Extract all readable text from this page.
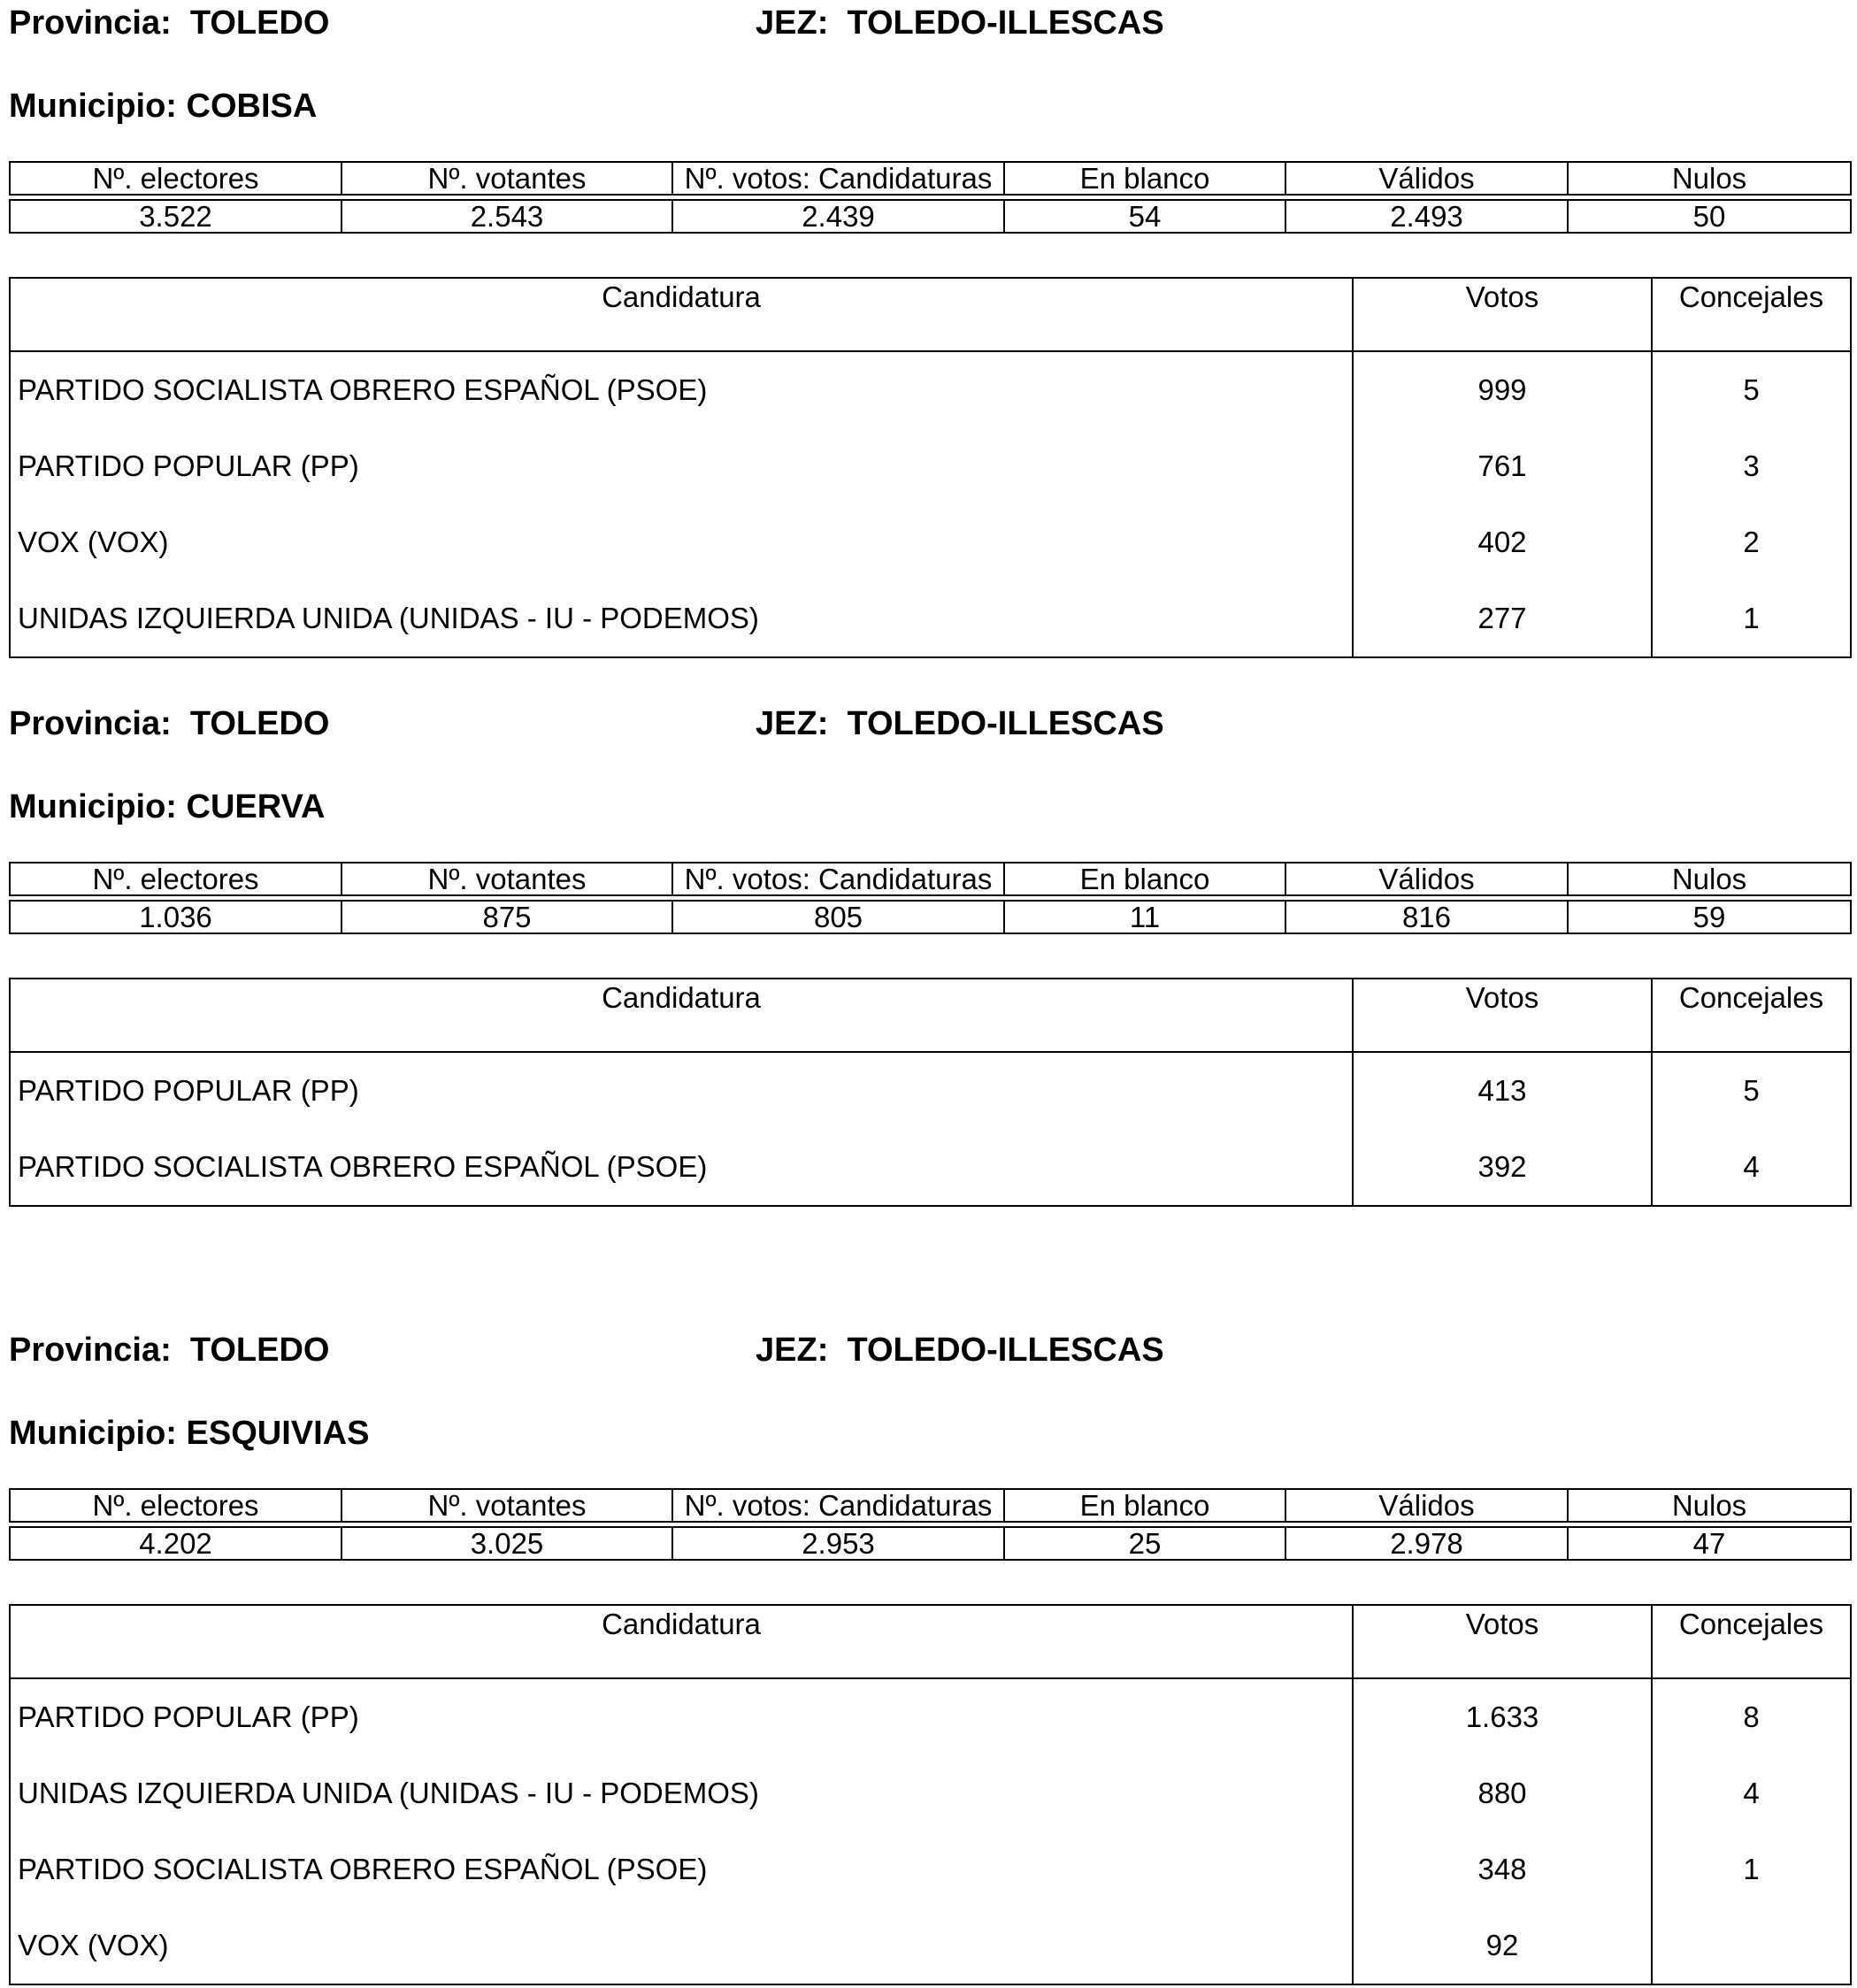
Provincia:  TOLEDO	JEZ:  TOLEDO-ILLESCAS
Municipio: COBISA
Nº. electores	Nº. votantes	Nº. votos: Candidaturas	En blanco	Válidos	Nulos

3.522	2.543	2.439	54	2.493	50
Candidatura	Votos	Concejales
PARTIDO SOCIALISTA OBRERO ESPAÑOL (PSOE)	999	5
PARTIDO POPULAR (PP)	761	3
VOX (VOX)	402	2
UNIDAS IZQUIERDA UNIDA (UNIDAS - IU - PODEMOS)	277	1
Provincia:  TOLEDO	JEZ:  TOLEDO-ILLESCAS
Municipio: CUERVA
Nº. electores	Nº. votantes	Nº. votos: Candidaturas	En blanco	Válidos	Nulos

1.036	875	805	11	816	59
Candidatura	Votos	Concejales
PARTIDO POPULAR (PP)	413	5
PARTIDO SOCIALISTA OBRERO ESPAÑOL (PSOE)	392	4
Provincia:  TOLEDO	JEZ:  TOLEDO-ILLESCAS
Municipio: ESQUIVIAS
Nº. electores	Nº. votantes	Nº. votos: Candidaturas	En blanco	Válidos	Nulos

4.202	3.025	2.953	25	2.978	47
Candidatura	Votos	Concejales
PARTIDO POPULAR (PP)	1.633	8
UNIDAS IZQUIERDA UNIDA (UNIDAS - IU - PODEMOS)	880	4
PARTIDO SOCIALISTA OBRERO ESPAÑOL (PSOE)	348	1
VOX (VOX)	92	
